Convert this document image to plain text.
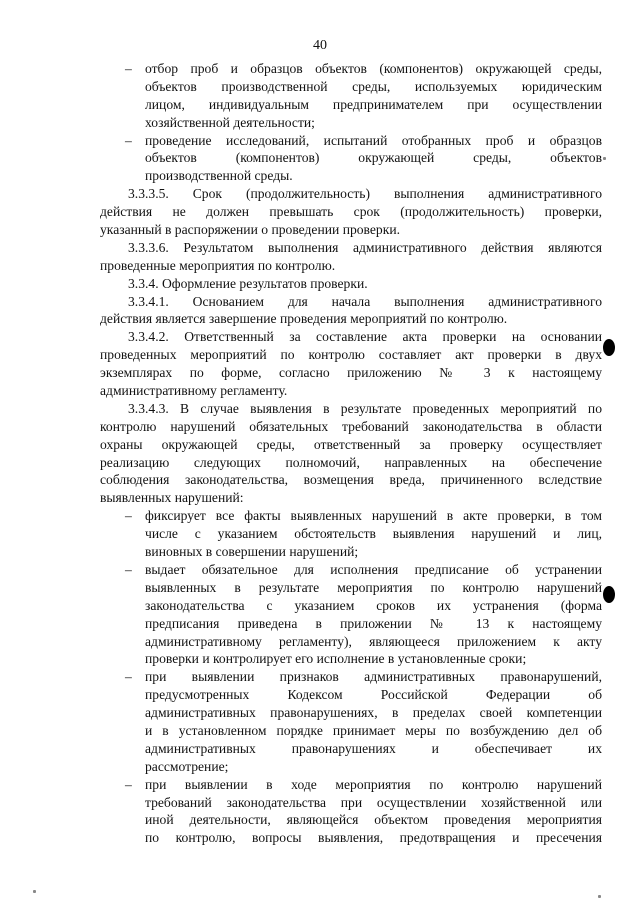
40
– отбор проб и образцов объектов (компонентов) окружающей среды,
объектов производственной среды, используемых юридическим
лицом, индивидуальным предпринимателем при осуществлении
хозяйственной деятельности;
– проведение исследований, испытаний отобранных проб и образцов
объектов (компонентов) окружающей среды, объектов
производственной среды.
3.3.3.5. Срок (продолжительность) выполнения административного
действия не должен превышать срок (продолжительность) проверки,
указанный в распоряжении о проведении проверки.
3.3.3.6. Результатом выполнения административного действия являются
проведенные мероприятия по контролю.
3.3.4. Оформление результатов проверки.
3.3.4.1. Основанием для начала выполнения административного
действия является завершение проведения мероприятий по контролю.
3.3.4.2. Ответственный за составление акта проверки на основании
проведенных мероприятий по контролю составляет акт проверки в двух
экземплярах по форме, согласно приложению № 3 к настоящему
административному регламенту.
3.3.4.3. В случае выявления в результате проведенных мероприятий по
контролю нарушений обязательных требований законодательства в области
охраны окружающей среды, ответственный за проверку осуществляет
реализацию следующих полномочий, направленных на обеспечение
соблюдения законодательства, возмещения вреда, причиненного вследствие
выявленных нарушений:
– фиксирует все факты выявленных нарушений в акте проверки, в том
числе с указанием обстоятельств выявления нарушений и лиц,
виновных в совершении нарушений;
– выдает обязательное для исполнения предписание об устранении
выявленных в результате мероприятия по контролю нарушений
законодательства с указанием сроков их устранения (форма
предписания приведена в приложении № 13 к настоящему
административному регламенту), являющееся приложением к акту
проверки и контролирует его исполнение в установленные сроки;
– при выявлении признаков административных правонарушений,
предусмотренных Кодексом Российской Федерации об
административных правонарушениях, в пределах своей компетенции
и в установленном порядке принимает меры по возбуждению дел об
административных правонарушениях и обеспечивает их
рассмотрение;
– при выявлении в ходе мероприятия по контролю нарушений
требований законодательства при осуществлении хозяйственной или
иной деятельности, являющейся объектом проведения мероприятия
по контролю, вопросы выявления, предотвращения и пресечения
